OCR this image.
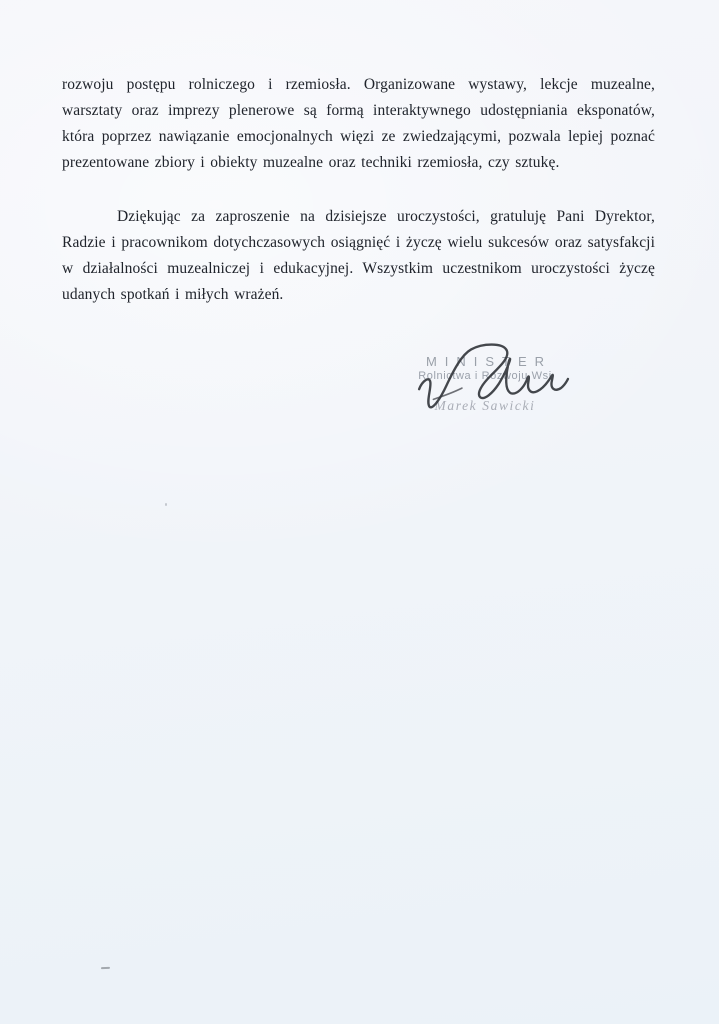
rozwoju postępu rolniczego i rzemiosła. Organizowane wystawy, lekcje muzealne, warsztaty oraz imprezy plenerowe są formą interaktywnego udostępniania eksponatów, która poprzez nawiązanie emocjonalnych więzi ze zwiedzającymi, pozwala lepiej poznać prezentowane zbiory i obiekty muzealne oraz techniki rzemiosła, czy sztukę.

Dziękując za zaproszenie na dzisiejsze uroczystości, gratuluję Pani Dyrektor, Radzie i pracownikom dotychczasowych osiągnięć i życzę wielu sukcesów oraz satysfakcji w działalności muzealniczej i edukacyjnej. Wszystkim uczestnikom uroczystości życzę udanych spotkań i miłych wrażeń.

MINISTER
Rolnictwa i Rozwoju Wsi
Marek Sawicki
